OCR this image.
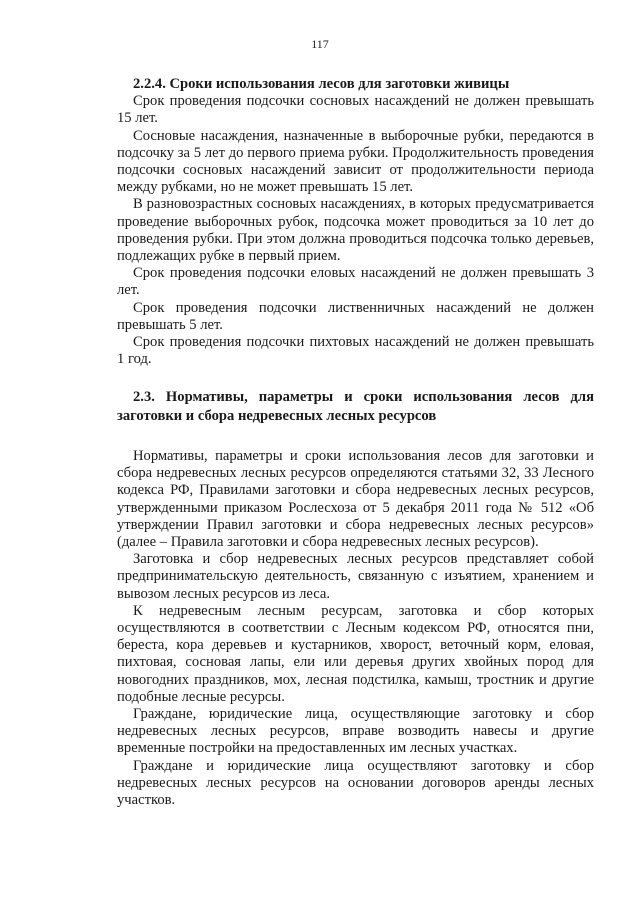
117
2.2.4. Сроки использования лесов для заготовки живицы

Срок проведения подсочки сосновых насаждений не должен превышать 15 лет.

Сосновые насаждения, назначенные в выборочные рубки, передаются в подсочку за 5 лет до первого приема рубки. Продолжительность проведения подсочки сосновых насаждений зависит от продолжительности периода между рубками, но не может превышать 15 лет.

В разновозрастных сосновых насаждениях, в которых предусматривается проведение выборочных рубок, подсочка может проводиться за 10 лет до проведения рубки. При этом должна проводиться подсочка только деревьев, подлежащих рубке в первый прием.

Срок проведения подсочки еловых насаждений не должен превышать 3 лет.

Срок проведения подсочки лиственничных насаждений не должен превышать 5 лет.

Срок проведения подсочки пихтовых насаждений не должен превышать 1 год.

2.3. Нормативы, параметры и сроки использования лесов для заготовки и сбора недревесных лесных ресурсов

Нормативы, параметры и сроки использования лесов для заготовки и сбора недревесных лесных ресурсов определяются статьями 32, 33 Лесного кодекса РФ, Правилами заготовки и сбора недревесных лесных ресурсов, утвержденными приказом Рослесхоза от 5 декабря 2011 года № 512 «Об утверждении Правил заготовки и сбора недревесных лесных ресурсов» (далее – Правила заготовки и сбора недревесных лесных ресурсов).

Заготовка и сбор недревесных лесных ресурсов представляет собой предпринимательскую деятельность, связанную с изъятием, хранением и вывозом лесных ресурсов из леса.

К недревесным лесным ресурсам, заготовка и сбор которых осуществляются в соответствии с Лесным кодексом РФ, относятся пни, береста, кора деревьев и кустарников, хворост, веточный корм, еловая, пихтовая, сосновая лапы, ели или деревья других хвойных пород для новогодних праздников, мох, лесная подстилка, камыш, тростник и другие подобные лесные ресурсы.

Граждане, юридические лица, осуществляющие заготовку и сбор недревесных лесных ресурсов, вправе возводить навесы и другие временные постройки на предоставленных им лесных участках.

Граждане и юридические лица осуществляют заготовку и сбор недревесных лесных ресурсов на основании договоров аренды лесных участков.
